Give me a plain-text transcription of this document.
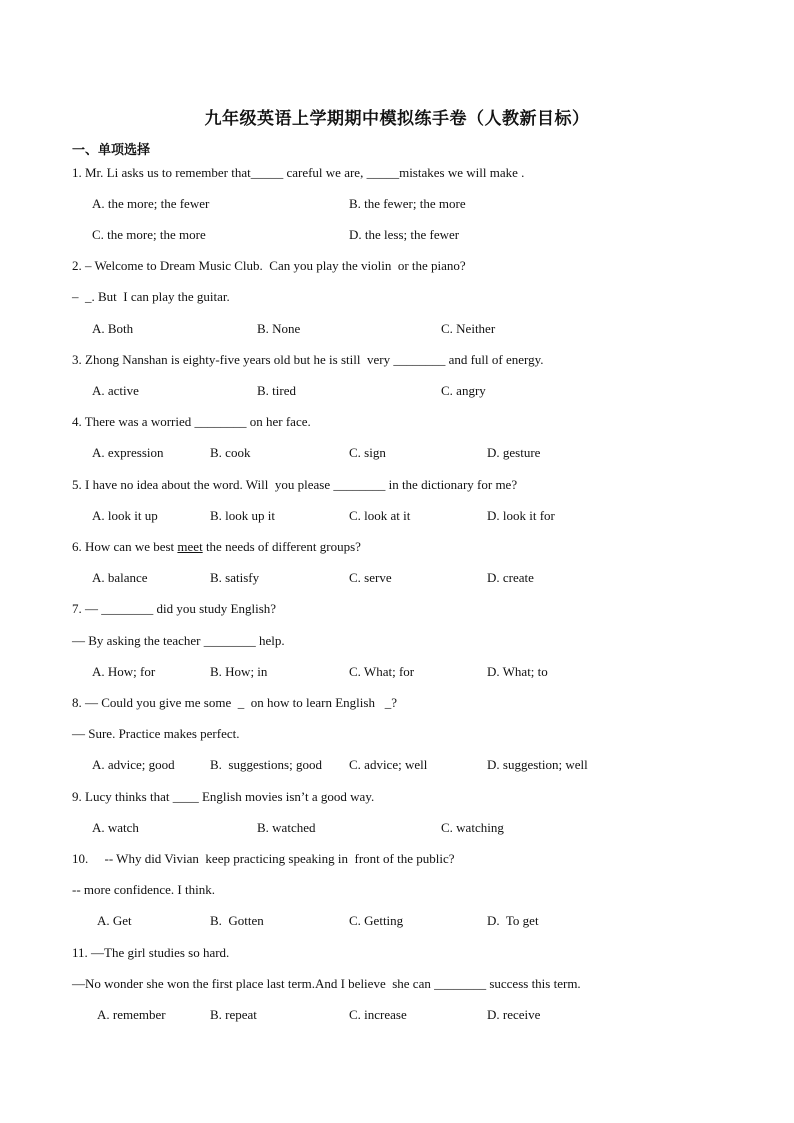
九年级英语上学期期中模拟练手卷（人教新目标）
一、单项选择
1. Mr. Li asks us to remember that_____ careful we are, _____mistakes we will make .
A. the more; the fewer	B. the fewer; the more
C. the more; the more	D. the less; the fewer
2. – Welcome to Dream Music Club.  Can you play the violin  or the piano?
–  _. But  I can play the guitar.
A. Both	B. None	C. Neither
3. Zhong Nanshan is eighty-five years old but he is still  very ________ and full of energy.
A. active	B. tired	C. angry
4. There was a worried ________ on her face.
A. expression	B. cook	C. sign	D. gesture
5. I have no idea about the word. Will  you please ________ in the dictionary for me?
A. look it up	B. look up it	C. look at it	D. look it for
6. How can we best meet the needs of different groups?
A. balance	B. satisfy	C. serve	D. create
7. — ________ did you study English?
— By asking the teacher ________ help.
A. How; for	B. How; in	C. What; for	D. What; to
8. — Could you give me some  _  on how to learn English   _?
— Sure. Practice makes perfect.
A. advice; good	B.  suggestions; good C. advice; well	D. suggestion; well
9. Lucy thinks that ____ English movies isn’t a good way.
A. watch	B. watched	C. watching
10.     -- Why did Vivian  keep practicing speaking in  front of the public?
-- more confidence. I think.
A. Get	B.  Gotten	C. Getting	D.  To get
11. —The girl studies so hard.
—No wonder she won the first place last term.And I believe  she can ________ success this term.
A. remember	B. repeat	C. increase	D. receive
